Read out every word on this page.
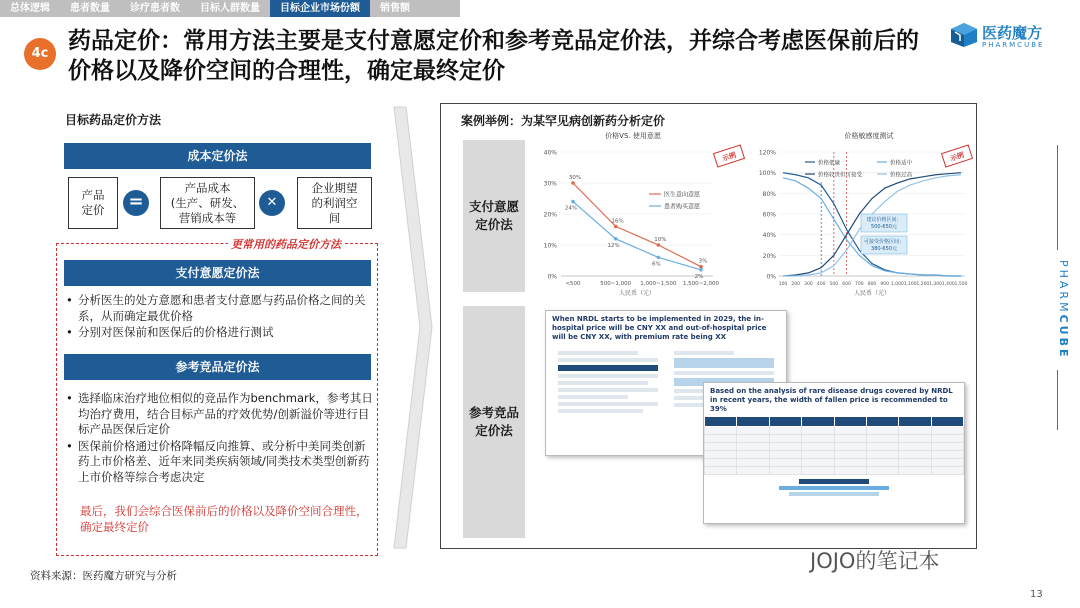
总体逻辑	患者数量	诊疗患者数	目标人群数量	目标企业市场份额	销售额
4c 药品定价：常用方法主要是支付意愿定价和参考竞品定价法，并综合考虑医保前后的价格以及降价空间的合理性，确定最终定价
医药魔方
PHARMCUBE
PHARMCUBE
目标药品定价方法
成本定价法
产品
定价	=
产品成本
(生产、研发、
营销成本等
✕
企业期望
的利润空
间
更常用的药品定价方法
支付意愿定价法
• 分析医生的处方意愿和患者支付意愿与药品价格之间的关系，从而确定最优价格
• 分别对医保前和医保后的价格进行测试
参考竞品定价法
• 选择临床治疗地位相似的竞品作为benchmark，参考其日均治疗费用，结合目标产品的疗效优势/创新溢价等进行目标产品医保后定价
• 医保前价格通过价格降幅反向推算、或分析中美同类创新药上市价格差、近年来同类疾病领域/同类技术类型创新药上市价格等综合考虑决定
最后，我们会综合医保前后的价格以及降价空间合理性，确定最终定价
资料来源：医药魔方研究与分析
案例举例：为某罕见病创新药分析定价
支付意愿
定价法
参考竞品
定价法
价格VS. 使用意愿
0%
10%
20%
30%
40%
<500	500~1,000 1,000~1,500 1,500~2,000
人民币（元）
30%
16%
10%
3%
医生意向意愿
24%
12%
6%
2%
患者购买意愿
示例
价格敏感度测试
0%
20%
40%
60%
80%
100%
120%
100 200 300 400 500 600 700 800 900 1,000 1,100 1,200 1,300 1,400 1,500
人民币（元）
价格低廉	价格适中
价格较贵但可接受	价格过高
建议价格区间：
500-650元
可接受价格区间：
380-650元
示例
When NRDL starts to be implemented in 2029, the in-hospital price will be CNY XX and out-of-hospital price will be CNY XX, with premium rate being XX
Based on the analysis of rare disease drugs covered by NRDL in recent years, the width of fallen price is recommended to 39%

JOJO的笔记本
13
